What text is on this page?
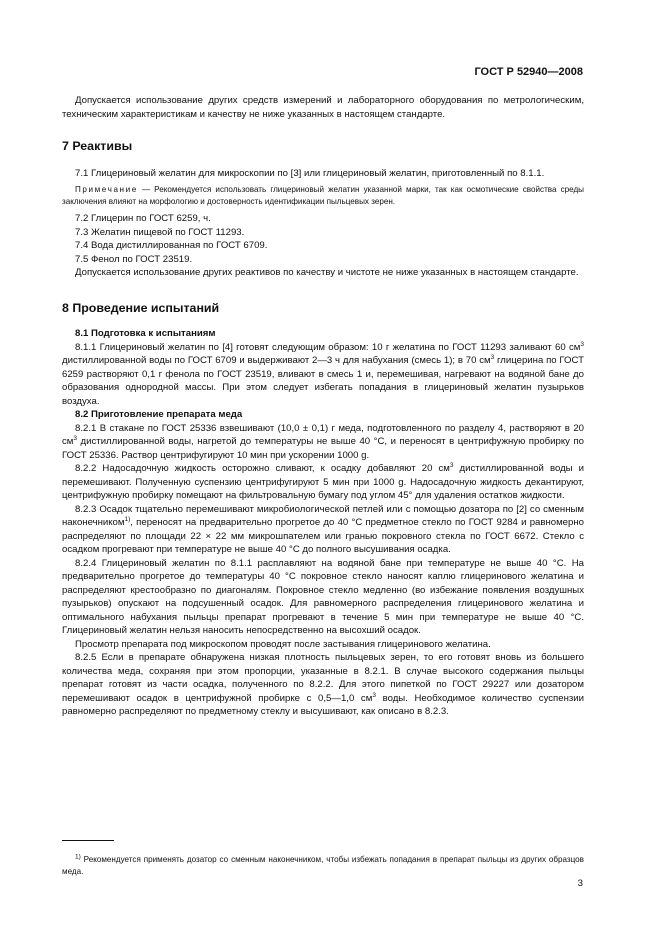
ГОСТ Р 52940—2008

Допускается использование других средств измерений и лабораторного оборудования по метрологическим, техническим характеристикам и качеству не ниже указанных в настоящем стандарте.

7 Реактивы

7.1 Глицериновый желатин для микроскопии по [3] или глицериновый желатин, приготовленный по 8.1.1.

Примечание — Рекомендуется использовать глицериновый желатин указанной марки, так как осмотические свойства среды заключения влияют на морфологию и достоверность идентификации пыльцевых зерен.

7.2 Глицерин по ГОСТ 6259, ч.

7.3 Желатин пищевой по ГОСТ 11293.

7.4 Вода дистиллированная по ГОСТ 6709.

7.5 Фенол по ГОСТ 23519.

Допускается использование других реактивов по качеству и чистоте не ниже указанных в настоящем стандарте.

8 Проведение испытаний

8.1 Подготовка к испытаниям

8.1.1 Глицериновый желатин по [4] готовят следующим образом: 10 г желатина по ГОСТ 11293 заливают 60 $см^3$ дистиллированной воды по ГОСТ 6709 и выдерживают 2—3 ч для набухания (смесь 1); в 70 $см^3$ глицерина по ГОСТ 6259 растворяют 0,1 г фенола по ГОСТ 23519, вливают в смесь 1 и, перемешивая, нагревают на водяной бане до образования однородной массы. При этом следует избегать попадания в глицериновый желатин пузырьков воздуха.

8.2 Приготовление препарата меда

8.2.1 В стакане по ГОСТ 25336 взвешивают (10,0 ± 0,1) г меда, подготовленного по разделу 4, растворяют в 20 $см^3$ дистиллированной воды, нагретой до температуры не выше 40 °С, и переносят в центрифужную пробирку по ГОСТ 25336. Раствор центрифугируют 10 мин при ускорении 1000 g.

8.2.2 Надосадочную жидкость осторожно сливают, к осадку добавляют 20 $см^3$ дистиллированной воды и перемешивают. Полученную суспензию центрифугируют 5 мин при 1000 g. Надосадочную жидкость декантируют, центрифужную пробирку помещают на фильтровальную бумагу под углом 45° для удаления остатков жидкости.

8.2.3 Осадок тщательно перемешивают микробиологической петлей или с помощью дозатора по [2] со сменным наконечником$^{1)}$, переносят на предварительно прогретое до 40 °С предметное стекло по ГОСТ 9284 и равномерно распределяют по площади 22 × 22 мм микрошпателем или гранью покровного стекла по ГОСТ 6672. Стекло с осадком прогревают при температуре не выше 40 °С до полного высушивания осадка.

8.2.4 Глицериновый желатин по 8.1.1 расплавляют на водяной бане при температуре не выше 40 °С. На предварительно прогретое до температуры 40 °С покровное стекло наносят каплю глицеринового желатина и распределяют крестообразно по диагоналям. Покровное стекло медленно (во избежание появления воздушных пузырьков) опускают на подсушенный осадок. Для равномерного распределения глицеринового желатина и оптимального набухания пыльцы препарат прогревают в течение 5 мин при температуре не выше 40 °С. Глицериновый желатин нельзя наносить непосредственно на высохший осадок.

Просмотр препарата под микроскопом проводят после застывания глицеринового желатина.

8.2.5 Если в препарате обнаружена низкая плотность пыльцевых зерен, то его готовят вновь из большего количества меда, сохраняя при этом пропорции, указанные в 8.2.1. В случае высокого содержания пыльцы препарат готовят из части осадка, полученного по 8.2.2. Для этого пипеткой по ГОСТ 29227 или дозатором перемешивают осадок в центрифужной пробирке с 0,5—1,0 $см^3$ воды. Необходимое количество суспензии равномерно распределяют по предметному стеклу и высушивают, как описано в 8.2.3.

$^{1)}$ Рекомендуется применять дозатор со сменным наконечником, чтобы избежать попадания в препарат пыльцы из других образцов меда.

3
